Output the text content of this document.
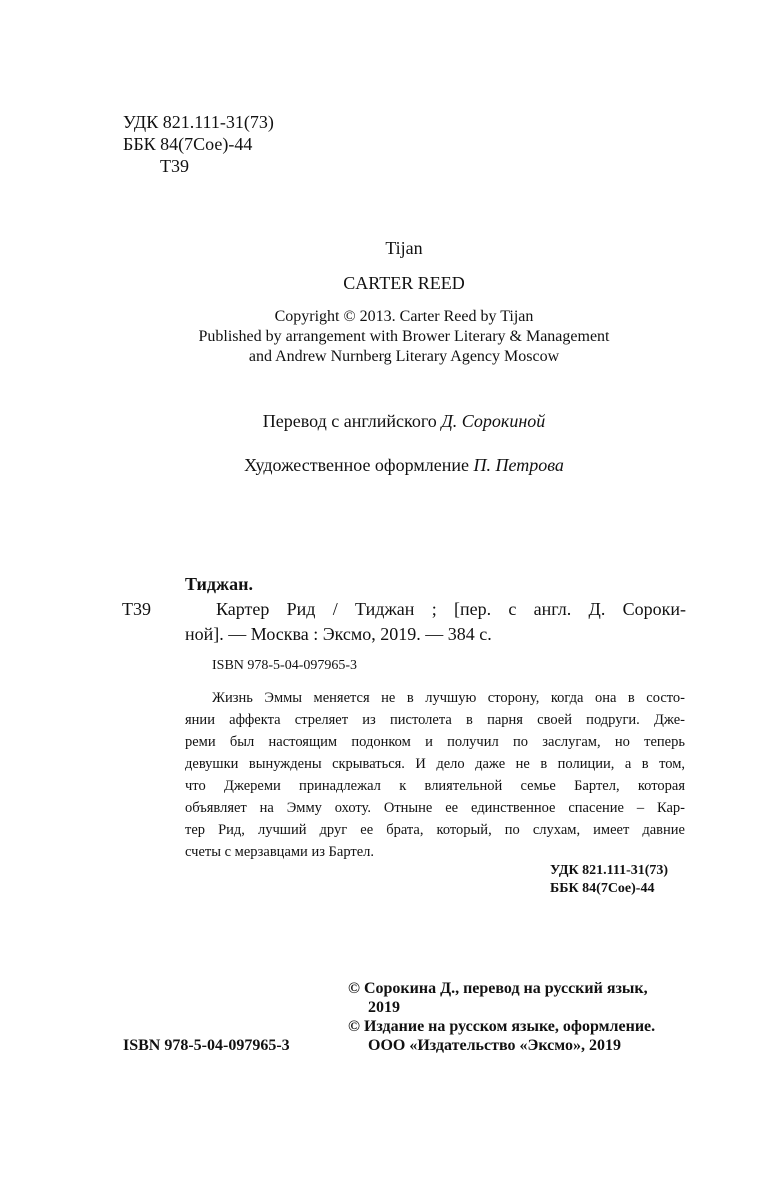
УДК 821.111-31(73)
ББК 84(7Сое)-44
Т39
Tijan
CARTER REED
Copyright © 2013. Carter Reed by Tijan
Published by arrangement with Brower Literary & Management
and Andrew Nurnberg Literary Agency Moscow
Перевод с английского Д. Сорокиной
Художественное оформление П. Петрова
Тиджан.
Т39	Картер Рид / Тиджан ; [пер. с англ. Д. Сороки-
ной]. — Москва : Эксмо, 2019. — 384 с.
ISBN 978-5-04-097965-3
Жизнь Эммы меняется не в лучшую сторону, когда она в состо-
янии аффекта стреляет из пистолета в парня своей подруги. Дже-
реми был настоящим подонком и получил по заслугам, но теперь
девушки вынуждены скрываться. И дело даже не в полиции, а в том,
что Джереми принадлежал к влиятельной семье Бартел, которая
объявляет на Эмму охоту. Отныне ее единственное спасение – Кар-
тер Рид, лучший друг ее брата, который, по слухам, имеет давние
счеты с мерзавцами из Бартел.
УДК 821.111-31(73)
ББК 84(7Сое)-44
© Сорокина Д., перевод на русский язык,
2019
© Издание на русском языке, оформление.
ООО «Издательство «Эксмо», 2019
ISBN 978-5-04-097965-3
